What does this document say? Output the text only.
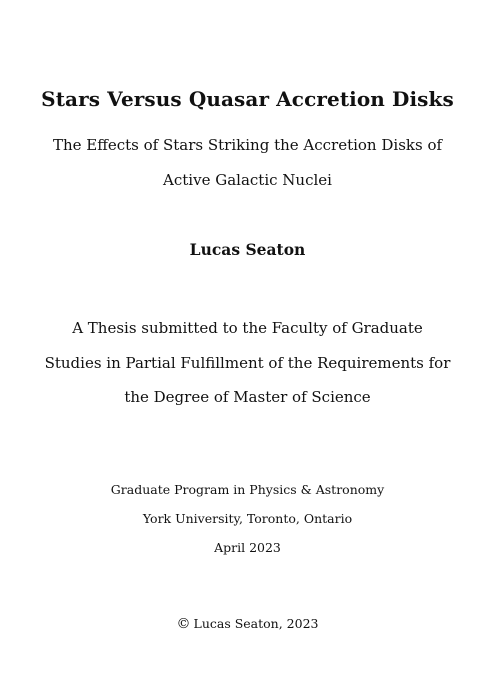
Stars Versus Quasar Accretion Disks
The Effects of Stars Striking the Accretion Disks of
Active Galactic Nuclei
Lucas Seaton
A Thesis submitted to the Faculty of Graduate
Studies in Partial Fulfillment of the Requirements for
the Degree of Master of Science
Graduate Program in Physics & Astronomy
York University, Toronto, Ontario
April 2023
© Lucas Seaton, 2023
